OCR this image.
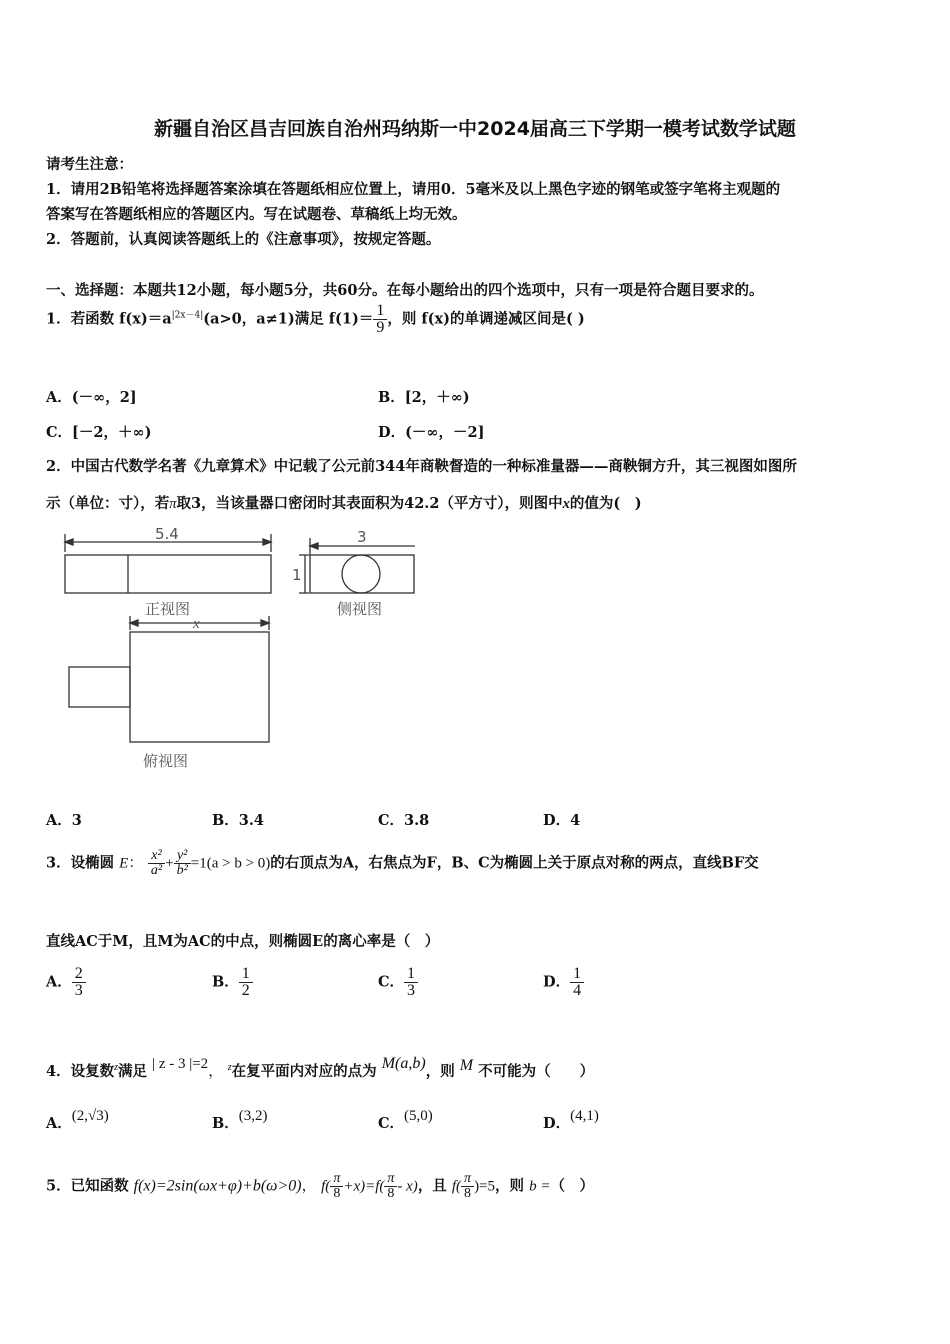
新疆自治区昌吉回族自治州玛纳斯一中2024届高三下学期一模考试数学试题
请考生注意：
1．请用2B铅笔将选择题答案涂填在答题纸相应位置上，请用0．5毫米及以上黑色字迹的钢笔或签字笔将主观题的
答案写在答题纸相应的答题区内。写在试题卷、草稿纸上均无效。
2．答题前，认真阅读答题纸上的《注意事项》，按规定答题。
一、选择题：本题共12小题，每小题5分，共60分。在每小题给出的四个选项中，只有一项是符合题目要求的。
1．若函数 $f(x)=a^{|2x-4|}(a>0$，a≠1)满足 $f(1)= \frac{1}{9}$ ，则 f(x)的单调递减区间是( )
A．(－∞，2]	B．[2，＋∞)
C．[－2，＋∞)	D．(－∞，－2]
2．中国古代数学名著《九章算术》中记载了公元前344年商鞅督造的一种标准量器——商鞅铜方升，其三视图如图所
示（单位：寸），若π取3，当该量器口密闭时其表面积为42.2（平方寸），则图中x的值为(　)
5.4	3
1
x
正视图	侧视图
俯视图
A．3	B．3.4	C．3.8	D．4
3．设椭圆 E： $\frac{\text{x²}}{\text{a²}} + \frac{\text{y²}}{\text{b²}} =1(a > b > 0)$的右顶点为A，右焦点为F，B、C为椭圆上关于原点对称的两点，直线BF交
直线AC于M，且M为AC的中点，则椭圆E的离心率是（　）
A． $\frac{2}{3}$	B． $\frac{1}{2}$	C． $\frac{1}{3}$	D． $\frac{1}{4}$
4．设复数$^z$满足 | z - 3 |=2， $^z$在复平面内对应的点为 M(a,b)，则 M 不可能为（　　）
A．(2,√3)	B．(3,2)	C．(5,0)	D．(4,1)
5．已知函数 f(x)=2sin(ωx+φ)+b(ω>0)， $f( \frac{\pi}{8} +x)=f( \frac{\pi}{8} - x)$，且 $f( \frac{\pi}{8} )=5$，则 b =（　）
